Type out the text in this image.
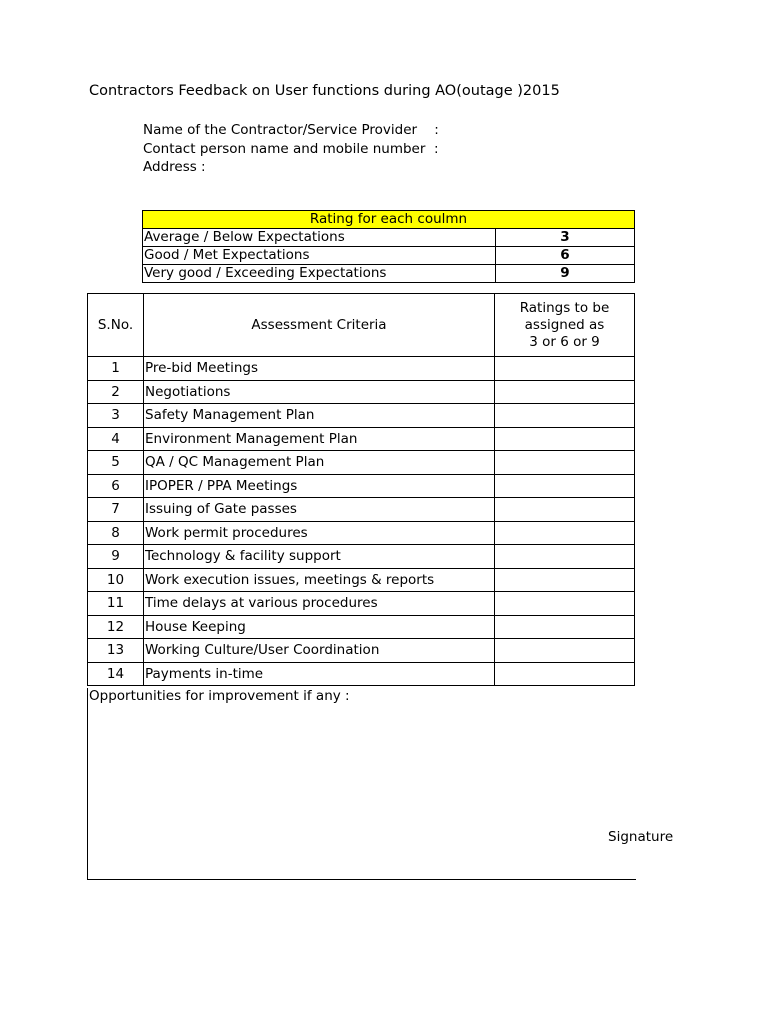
Contractors Feedback on User functions during AO(outage )2015
Name of the Contractor/Service Provider    :
Contact person name and mobile number  :
Address :
Rating for each coulmn	
Average / Below Expectations	3
Good / Met Expectations	6
Very good / Exceeding Expectations	9
S.No.	Assessment Criteria	Ratings to be
assigned as
3 or 6 or 9

1	Pre-bid Meetings	
2	Negotiations	
3	Safety Management Plan	
4	Environment Management Plan	
5	QA / QC Management Plan	
6	IPOPER / PPA Meetings	
7	Issuing of Gate passes	
8	Work permit procedures	
9	Technology & facility support	
10	Work execution issues, meetings & reports	
11	Time delays at various procedures	
12	House Keeping	
13	Working Culture/User Coordination	
14	Payments in-time	
Opportunities for improvement if any :
Signature
